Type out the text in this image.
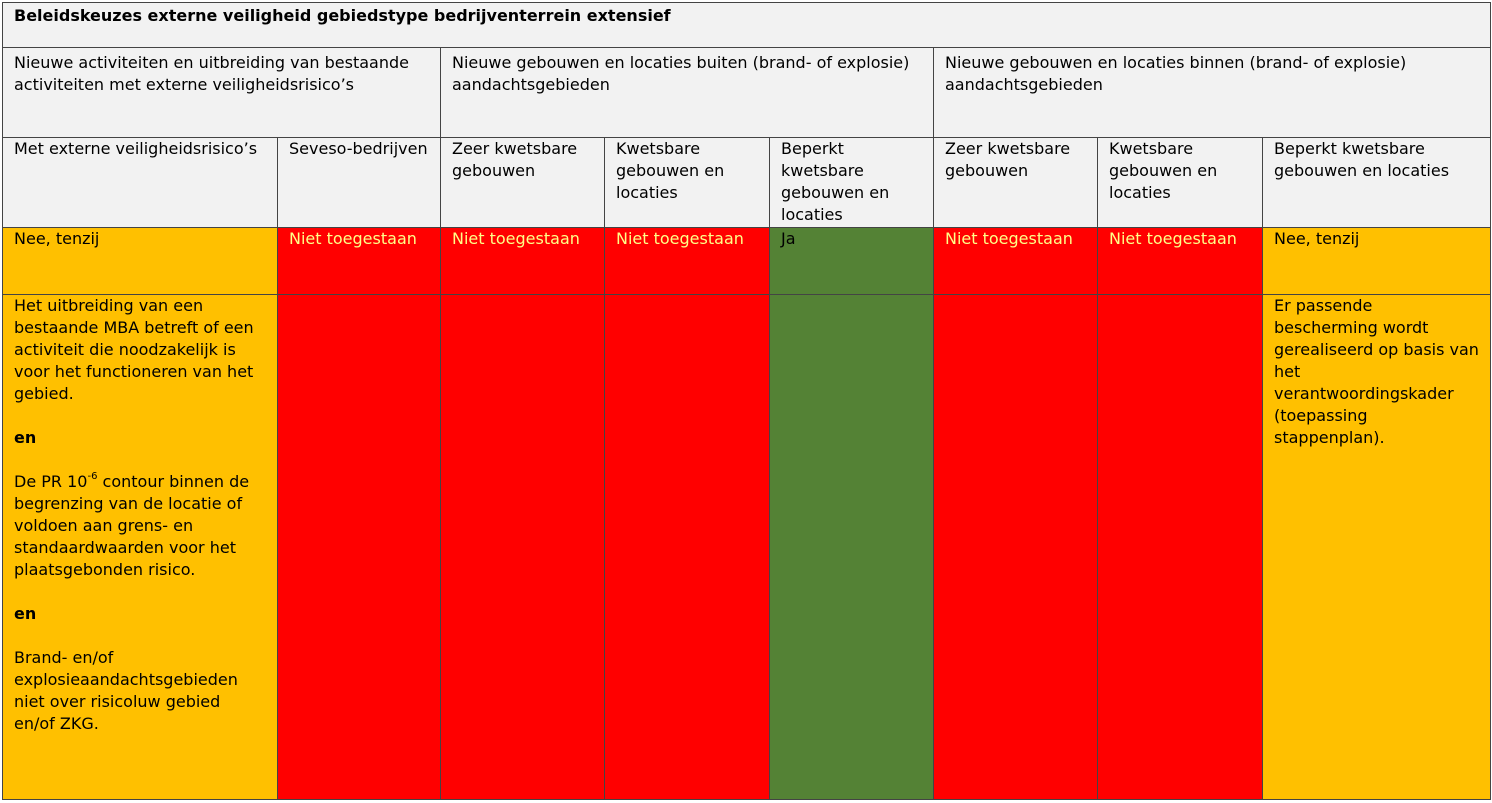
Beleidskeuzes externe veiligheid gebiedstype bedrijventerrein extensief							
Nieuwe activiteiten en uitbreiding van bestaande activiteiten met externe veiligheidsrisico’s		Nieuwe gebouwen en locaties buiten (brand- of explosie) aandachtsgebieden			Nieuwe gebouwen en locaties binnen (brand- of explosie) aandachtsgebieden		
Met externe veiligheidsrisico’s	Seveso-bedrijven	Zeer kwetsbare gebouwen	Kwetsbare gebouwen en locaties	Beperkt kwetsbare gebouwen en locaties	Zeer kwetsbare gebouwen	Kwetsbare gebouwen en locaties	Beperkt kwetsbare gebouwen en locaties
Nee, tenzij	Niet toegestaan	Niet toegestaan	Niet toegestaan	Ja	Niet toegestaan	Niet toegestaan	Nee, tenzij

Het uitbreiding van een bestaande MBA betreft of een activiteit die noodzakelijk is voor het functioneren van het gebied.

en

De PR $10^{-6}$ contour binnen de begrenzing van de locatie of voldoen aan grens- en standaardwaarden voor het plaatsgebonden risico.

en

Brand- en/of explosieaandachtsgebieden niet over risicoluw gebied en/of ZKG.							Er passende bescherming wordt gerealiseerd op basis van het verantwoordingskader (toepassing stappenplan).
